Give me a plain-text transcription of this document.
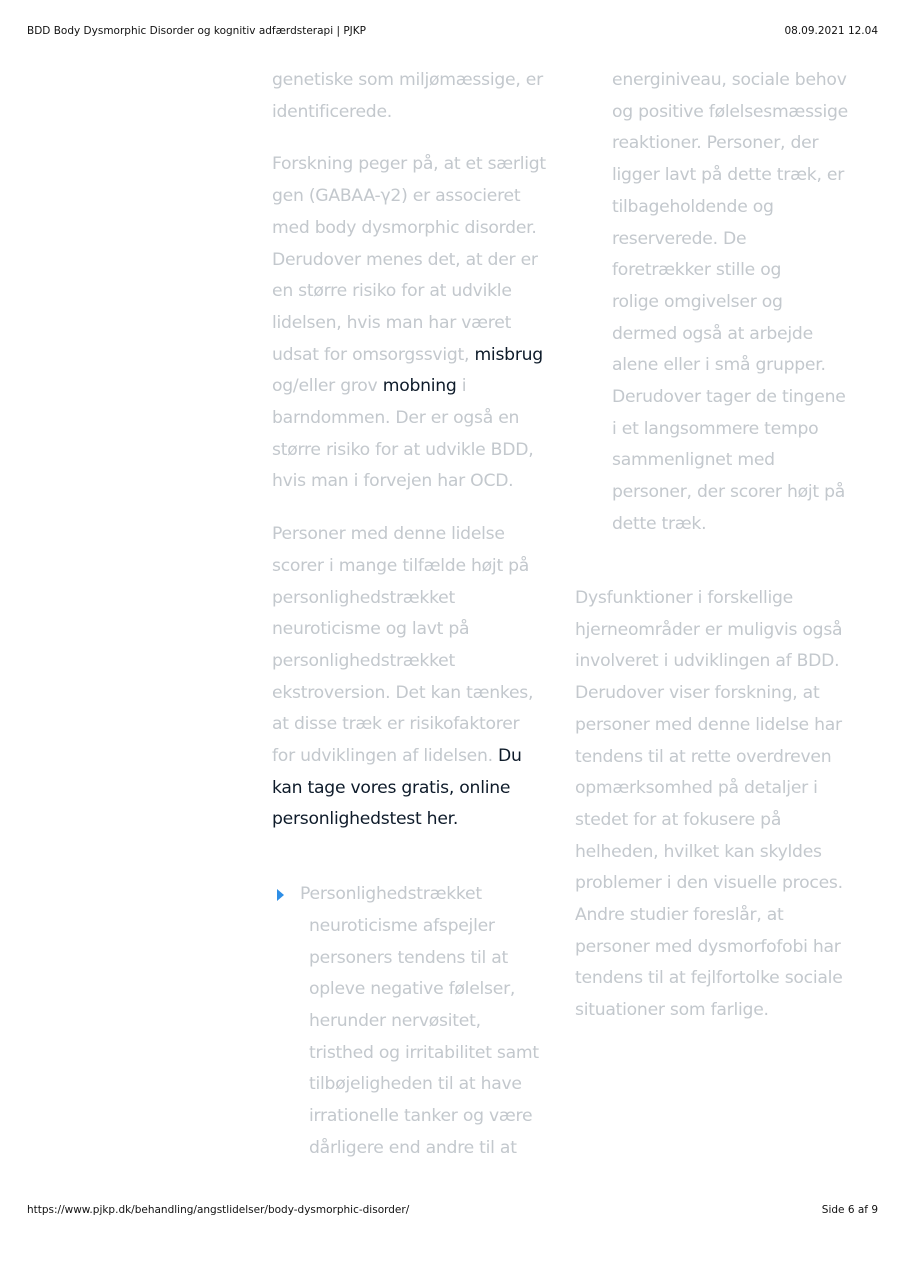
BDD Body Dysmorphic Disorder og kognitiv adfærdsterapi | PJKP	08.09.2021 12.04

genetiske som miljømæssige, er
identificerede.

Forskning peger på, at et særligt
gen (GABAA-γ2) er associeret
med body dysmorphic disorder.
Derudover menes det, at der er
en større risiko for at udvikle
lidelsen, hvis man har været
udsat for omsorgssvigt, misbrug
og/eller grov mobning i
barndommen. Der er også en
større risiko for at udvikle BDD,
hvis man i forvejen har OCD.

Personer med denne lidelse
scorer i mange tilfælde højt på
personlighedstrækket
neuroticisme og lavt på
personlighedstrækket
ekstroversion. Det kan tænkes,
at disse træk er risikofaktorer
for udviklingen af lidelsen. Du
kan tage vores gratis, online
personlighedstest her.

Personlighedstrækket
neuroticisme afspejler
personers tendens til at
opleve negative følelser,
herunder nervøsitet,
tristhed og irritabilitet samt
tilbøjeligheden til at have
irrationelle tanker og være
dårligere end andre til at

energiniveau, sociale behov
og positive følelsesmæssige
reaktioner. Personer, der
ligger lavt på dette træk, er
tilbageholdende og
reserverede. De
foretrækker stille og
rolige omgivelser og
dermed også at arbejde
alene eller i små grupper.
Derudover tager de tingene
i et langsommere tempo
sammenlignet med
personer, der scorer højt på
dette træk.

Dysfunktioner i forskellige
hjerneområder er muligvis også
involveret i udviklingen af BDD.
Derudover viser forskning, at
personer med denne lidelse har
tendens til at rette overdreven
opmærksomhed på detaljer i
stedet for at fokusere på
helheden, hvilket kan skyldes
problemer i den visuelle proces.
Andre studier foreslår, at
personer med dysmorfofobi har
tendens til at fejlfortolke sociale
situationer som farlige.

https://www.pjkp.dk/behandling/angstlidelser/body-dysmorphic-disorder/	Side 6 af 9
